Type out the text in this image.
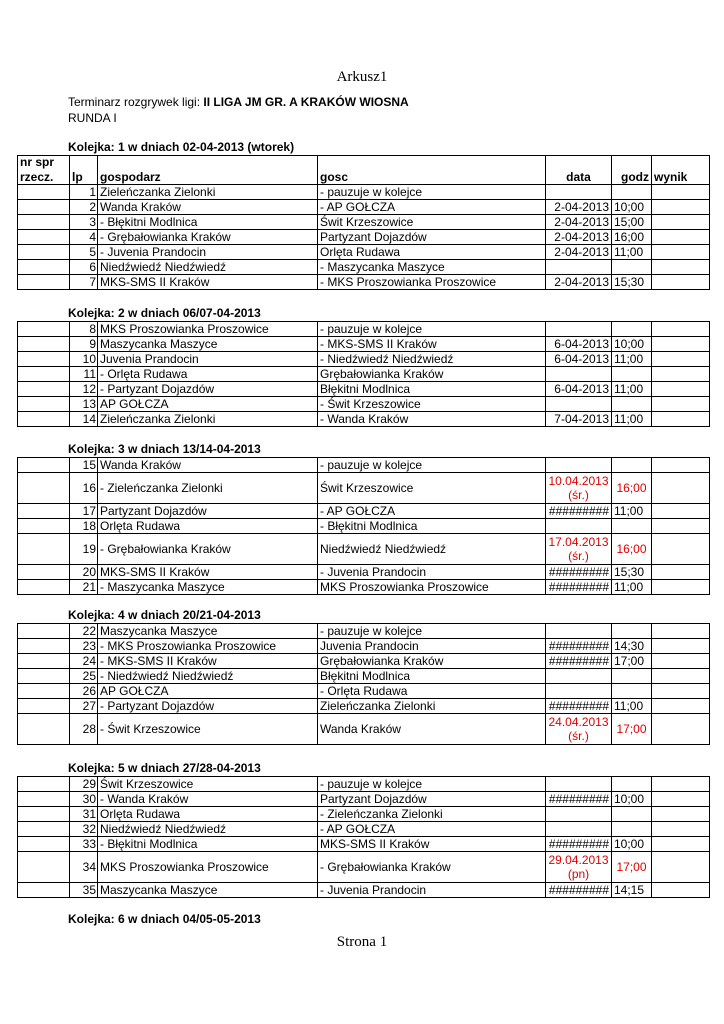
Arkusz1
Terminarz rozgrywek ligi: II LIGA JM GR. A KRAKÓW WIOSNA
RUNDA I
Kolejka: 1 w dniach 02-04-2013 (wtorek)
nr spr						
rzecz.	lp	gospodarz	gosc	data	godz	wynik
	1	Zieleńczanka Zielonki	- pauzuje w kolejce			
	2	Wanda Kraków	- AP GOŁCZA	2-04-2013	10;00	
	3	- Błękitni Modlnica	Świt Krzeszowice	2-04-2013	15;00	
	4	- Grębałowianka Kraków	Partyzant Dojazdów	2-04-2013	16;00	
	5	- Juvenia Prandocin	Orlęta Rudawa	2-04-2013	11;00	
	6	Niedźwiedź Niedźwiedź	- Maszycanka Maszyce			
	7	MKS-SMS II Kraków	- MKS Proszowianka Proszowice	2-04-2013	15;30	
Kolejka: 2 w dniach 06/07-04-2013
	8	MKS Proszowianka Proszowice	- pauzuje w kolejce			
	9	Maszycanka Maszyce	- MKS-SMS II Kraków	6-04-2013	10;00	
	10	Juvenia Prandocin	- Niedźwiedź Niedźwiedź	6-04-2013	11;00	
	11	- Orlęta Rudawa	Grębałowianka Kraków			
	12	- Partyzant Dojazdów	Błękitni Modlnica	6-04-2013	11;00	
	13	AP GOŁCZA	- Świt Krzeszowice			
	14	Zieleńczanka Zielonki	- Wanda Kraków	7-04-2013	11;00	
Kolejka: 3 w dniach 13/14-04-2013
	15	Wanda Kraków	- pauzuje w kolejce			
	16	- Zieleńczanka Zielonki	Świt Krzeszowice	10.04.2013 (śr.)	16;00	
	17	Partyzant Dojazdów	- AP GOŁCZA	#########	11;00	
	18	Orlęta Rudawa	- Błękitni Modlnica			
	19	- Grębałowianka Kraków	Niedźwiedź Niedźwiedź	17.04.2013 (śr.)	16;00	
	20	MKS-SMS II Kraków	- Juvenia Prandocin	#########	15;30	
	21	- Maszycanka Maszyce	MKS Proszowianka Proszowice	#########	11;00	
Kolejka: 4 w dniach 20/21-04-2013
	22	Maszycanka Maszyce	- pauzuje w kolejce			
	23	- MKS Proszowianka Proszowice	Juvenia Prandocin	#########	14;30	
	24	- MKS-SMS II Kraków	Grębałowianka Kraków	#########	17;00	
	25	- Niedźwiedź Niedźwiedź	Błękitni Modlnica			
	26	AP GOŁCZA	- Orlęta Rudawa			
	27	- Partyzant Dojazdów	Zieleńczanka Zielonki	#########	11;00	
	28	- Świt Krzeszowice	Wanda Kraków	24.04.2013 (śr.)	17;00	
Kolejka: 5 w dniach 27/28-04-2013
	29	Świt Krzeszowice	- pauzuje w kolejce			
	30	- Wanda Kraków	Partyzant Dojazdów	#########	10;00	
	31	Orlęta Rudawa	- Zieleńczanka Zielonki			
	32	Niedźwiedź Niedźwiedź	- AP GOŁCZA			
	33	- Błękitni Modlnica	MKS-SMS II Kraków	#########	10;00	
	34	MKS Proszowianka Proszowice	- Grębałowianka Kraków	29.04.2013 (pn)	17;00	
	35	Maszycanka Maszyce	- Juvenia Prandocin	#########	14;15	
Kolejka: 6 w dniach 04/05-05-2013
Strona 1
